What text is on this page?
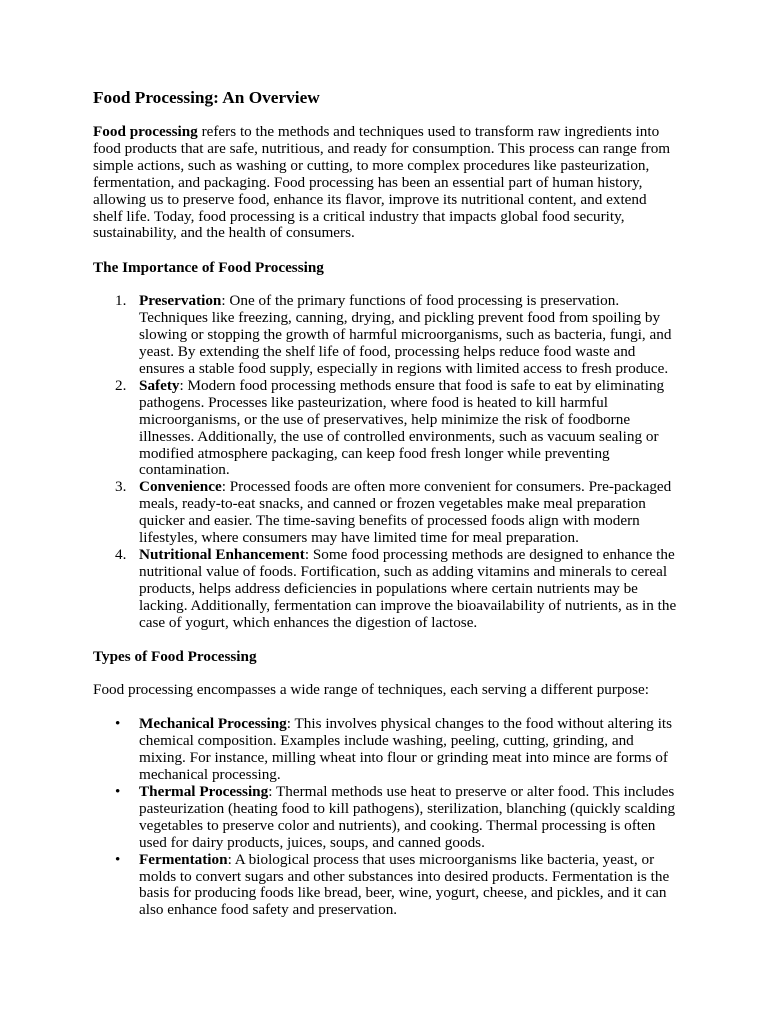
Food Processing: An Overview

Food processing refers to the methods and techniques used to transform raw ingredients into food products that are safe, nutritious, and ready for consumption. This process can range from simple actions, such as washing or cutting, to more complex procedures like pasteurization, fermentation, and packaging. Food processing has been an essential part of human history, allowing us to preserve food, enhance its flavor, improve its nutritional content, and extend shelf life. Today, food processing is a critical industry that impacts global food security, sustainability, and the health of consumers.

The Importance of Food Processing
1. Preservation: One of the primary functions of food processing is preservation. Techniques like freezing, canning, drying, and pickling prevent food from spoiling by slowing or stopping the growth of harmful microorganisms, such as bacteria, fungi, and yeast. By extending the shelf life of food, processing helps reduce food waste and ensures a stable food supply, especially in regions with limited access to fresh produce.
2. Safety: Modern food processing methods ensure that food is safe to eat by eliminating pathogens. Processes like pasteurization, where food is heated to kill harmful microorganisms, or the use of preservatives, help minimize the risk of foodborne illnesses. Additionally, the use of controlled environments, such as vacuum sealing or modified atmosphere packaging, can keep food fresh longer while preventing contamination.
3. Convenience: Processed foods are often more convenient for consumers. Pre-packaged meals, ready-to-eat snacks, and canned or frozen vegetables make meal preparation quicker and easier. The time-saving benefits of processed foods align with modern lifestyles, where consumers may have limited time for meal preparation.
4. Nutritional Enhancement: Some food processing methods are designed to enhance the nutritional value of foods. Fortification, such as adding vitamins and minerals to cereal products, helps address deficiencies in populations where certain nutrients may be lacking. Additionally, fermentation can improve the bioavailability of nutrients, as in the case of yogurt, which enhances the digestion of lactose.
Types of Food Processing

Food processing encompasses a wide range of techniques, each serving a different purpose:

• Mechanical Processing: This involves physical changes to the food without altering its chemical composition. Examples include washing, peeling, cutting, grinding, and mixing. For instance, milling wheat into flour or grinding meat into mince are forms of mechanical processing.
• Thermal Processing: Thermal methods use heat to preserve or alter food. This includes pasteurization (heating food to kill pathogens), sterilization, blanching (quickly scalding vegetables to preserve color and nutrients), and cooking. Thermal processing is often used for dairy products, juices, soups, and canned goods.
• Fermentation: A biological process that uses microorganisms like bacteria, yeast, or molds to convert sugars and other substances into desired products. Fermentation is the basis for producing foods like bread, beer, wine, yogurt, cheese, and pickles, and it can also enhance food safety and preservation.
